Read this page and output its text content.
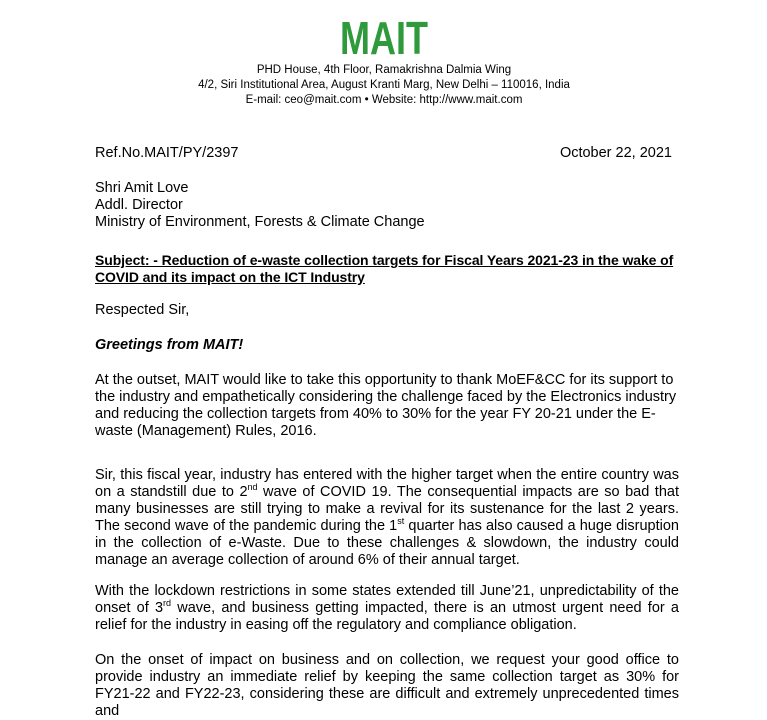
MAIT
PHD House, 4th Floor, Ramakrishna Dalmia Wing
4/2, Siri Institutional Area, August Kranti Marg, New Delhi – 110016, India
E-mail: ceo@mait.com • Website: http://www.mait.com
Ref.No.MAIT/PY/2397	October 22, 2021
Shri Amit Love
Addl. Director
Ministry of Environment, Forests & Climate Change
Subject: - Reduction of e-waste collection targets for Fiscal Years 2021-23 in the wake of COVID and its impact on the ICT Industry
Respected Sir,
Greetings from MAIT!
At the outset, MAIT would like to take this opportunity to thank MoEF&CC for its support to the industry and empathetically considering the challenge faced by the Electronics industry and reducing the collection targets from 40% to 30% for the year FY 20-21 under the E-waste (Management) Rules, 2016.
Sir, this fiscal year, industry has entered with the higher target when the entire country was on a standstill due to 2nd wave of COVID 19. The consequential impacts are so bad that many businesses are still trying to make a revival for its sustenance for the last 2 years. The second wave of the pandemic during the 1st quarter has also caused a huge disruption in the collection of e-Waste. Due to these challenges & slowdown, the industry could manage an average collection of around 6% of their annual target.
With the lockdown restrictions in some states extended till June’21, unpredictability of the onset of 3rd wave, and business getting impacted, there is an utmost urgent need for a relief for the industry in easing off the regulatory and compliance obligation.
On the onset of impact on business and on collection, we request your good office to provide industry an immediate relief by keeping the same collection target as 30% for FY21-22 and FY22-23, considering these are difficult and extremely unprecedented times and
